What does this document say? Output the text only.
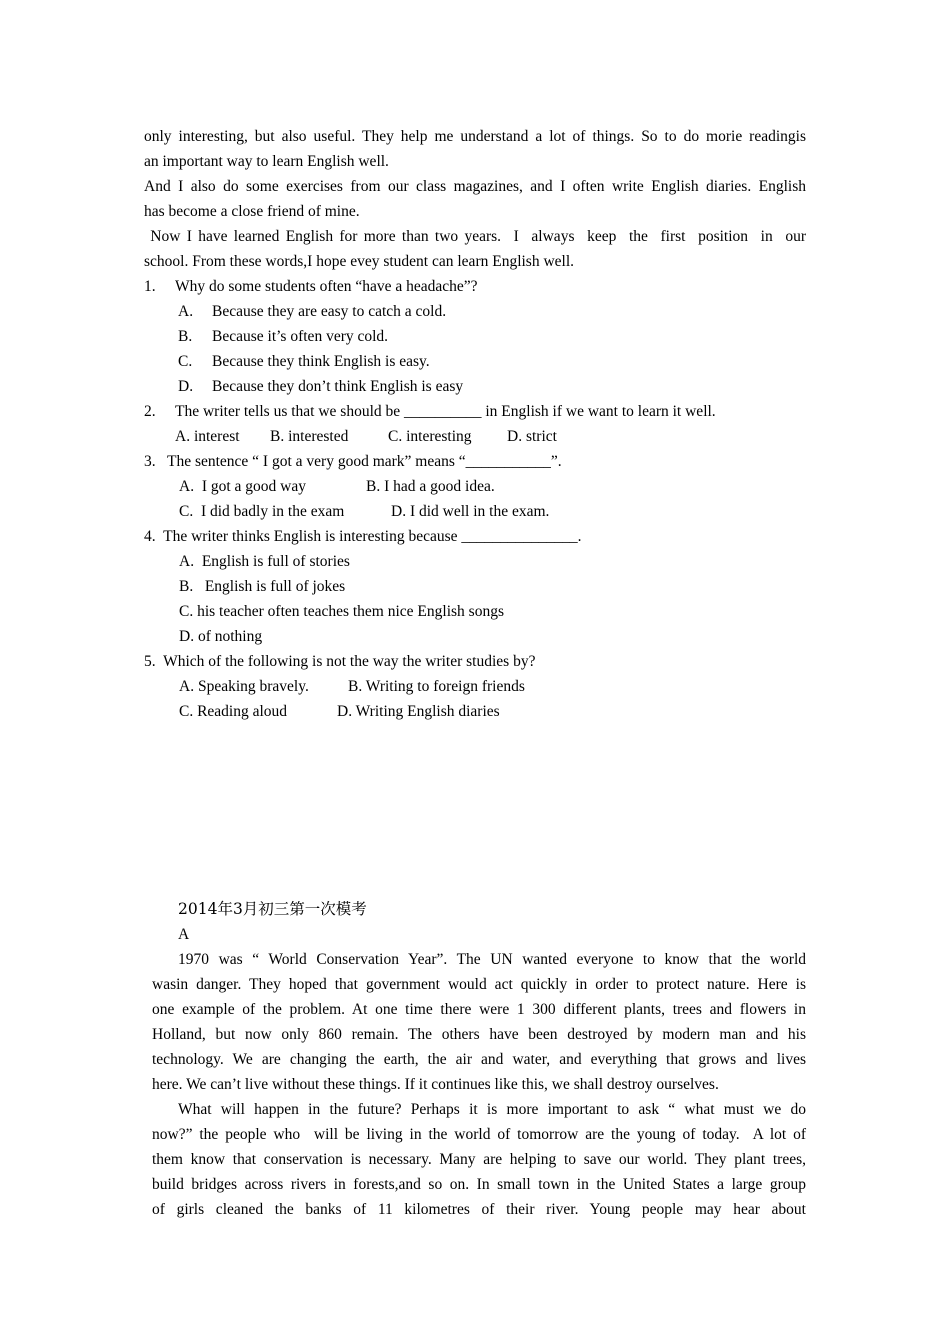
only interesting, but also useful. They help me understand a lot of things. So to do morie readingis
an important way to learn English well.
And I also do some exercises from our class magazines, and I often write English diaries. English
has become a close friend of mine.
Now I have learned English for more than two years.  I  always  keep  the  first  position  in  our
school. From these words,I hope evey student can learn English well.
1. Why do some students often “have a headache”?
A. Because they are easy to catch a cold.
B. Because it’s often very cold.
C. Because they think English is easy.
D. Because they don’t think English is easy
2. The writer tells us that we should be __________ in English if we want to learn it well.
A. interest B. interested	C. interesting D. strict
3.   The sentence “ I got a very good mark” means “___________”.
A.  I got a good way	B. I had a good idea.
C.  I did badly in the exam	D. I did well in the exam.
4.  The writer thinks English is interesting because _______________.
A.  English is full of stories
B.   English is full of jokes
C. his teacher often teaches them nice English songs
D. of nothing
5.  Which of the following is not the way the writer studies by?
A. Speaking bravely.	B. Writing to foreign friends
C. Reading aloud	D. Writing English diaries
2014年3月初三第一次模考
A
1970 was “ World Conservation Year”. The UN wanted everyone to know that the world
wasin danger. They hoped that government would act quickly in order to protect nature. Here is
one example of the problem. At one time there were 1 300 different plants, trees and flowers in
Holland, but now only 860 remain. The others have been destroyed by modern man and his
technology. We are changing the earth, the air and water, and everything that grows and lives
here. We can’t live without these things. If it continues like this, we shall destroy ourselves.
What will happen in the future? Perhaps it is more important to ask “ what must we do
now?” the people who  will be living in the world of tomorrow are the young of today.  A lot of
them know that conservation is necessary. Many are helping to save our world. They plant trees,
build bridges across rivers in forests,and so on. In small town in the United States a large group
of girls cleaned the banks of 11 kilometres of their river. Young people may hear about
